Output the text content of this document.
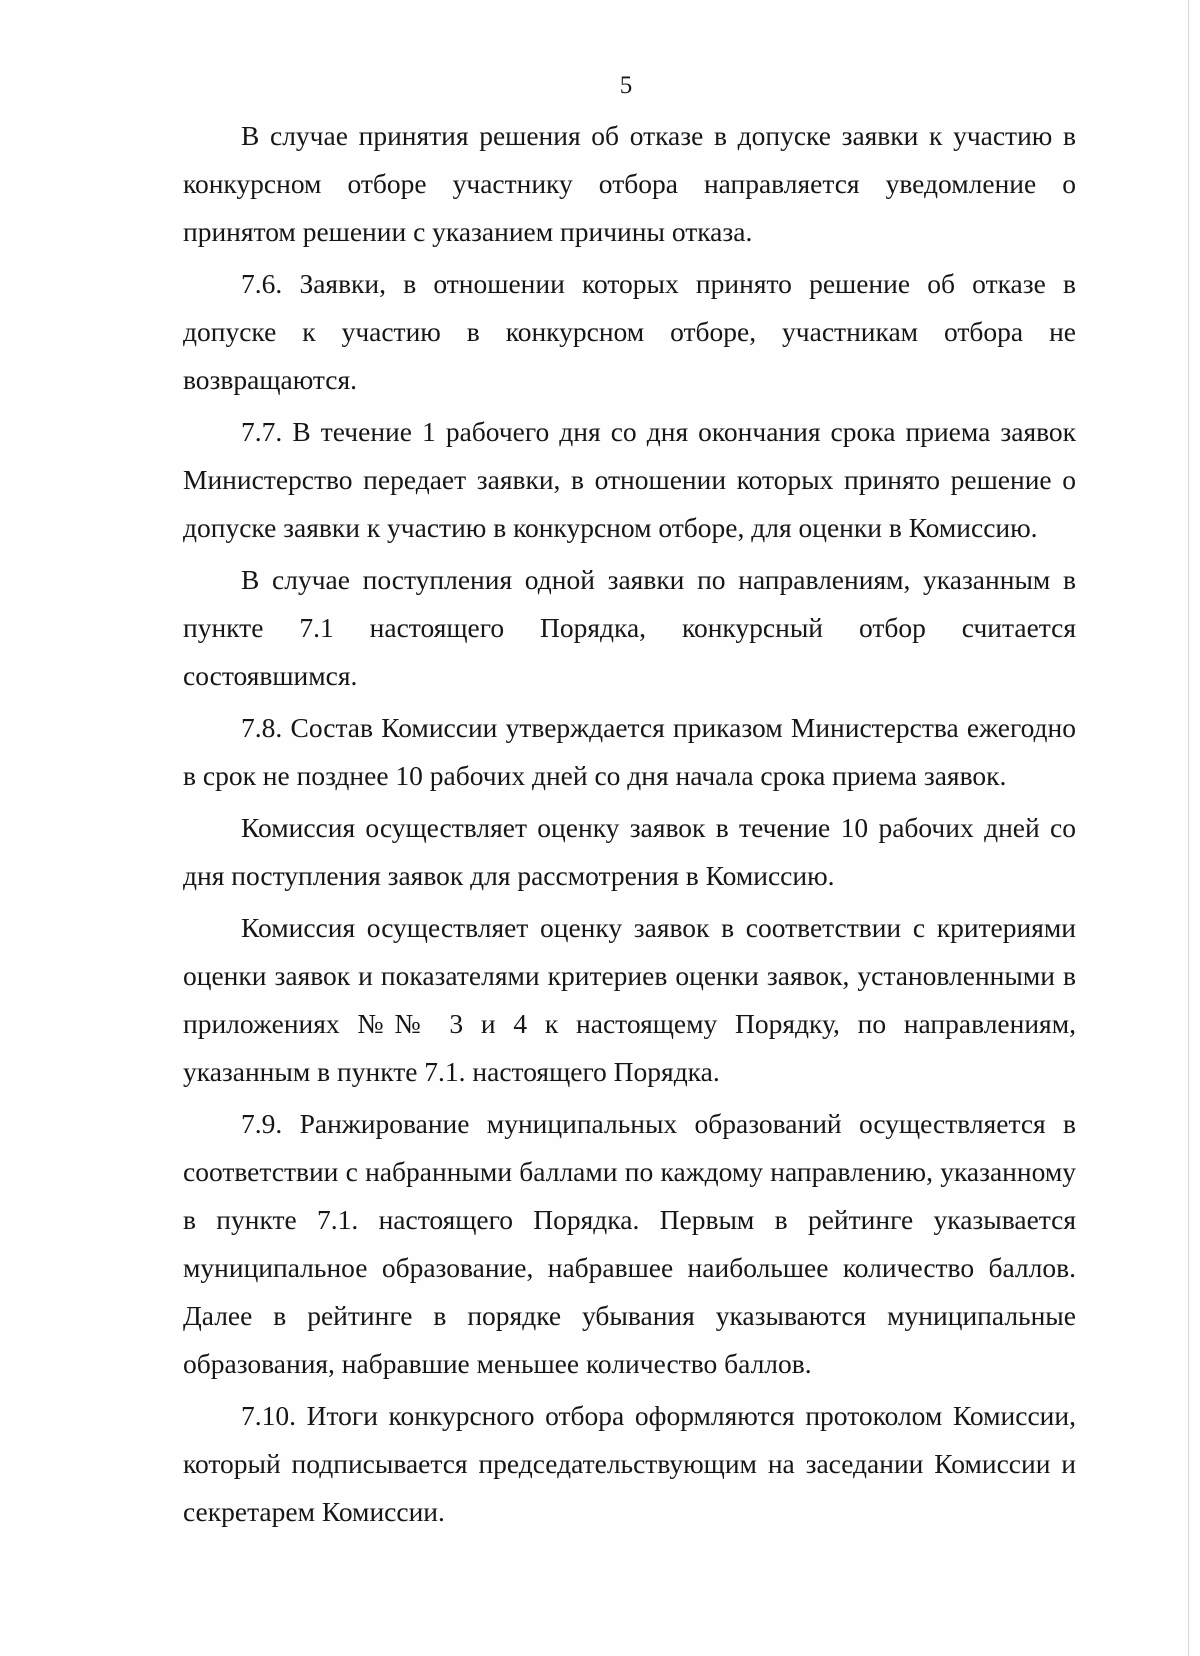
5

В случае принятия решения об отказе в допуске заявки к участию в конкурсном отборе участнику отбора направляется уведомление о принятом решении с указанием причины отказа.

7.6. Заявки, в отношении которых принято решение об отказе в допуске к участию в конкурсном отборе, участникам отбора не возвращаются.

7.7. В течение 1 рабочего дня со дня окончания срока приема заявок Министерство передает заявки, в отношении которых принято решение о допуске заявки к участию в конкурсном отборе, для оценки в Комиссию.

В случае поступления одной заявки по направлениям, указанным в пункте 7.1 настоящего Порядка, конкурсный отбор считается состоявшимся.

7.8. Состав Комиссии утверждается приказом Министерства ежегодно в срок не позднее 10 рабочих дней со дня начала срока приема заявок.

Комиссия осуществляет оценку заявок в течение 10 рабочих дней со дня поступления заявок для рассмотрения в Комиссию.

Комиссия осуществляет оценку заявок в соответствии с критериями оценки заявок и показателями критериев оценки заявок, установленными в приложениях №№ 3 и 4 к настоящему Порядку, по направлениям, указанным в пункте 7.1. настоящего Порядка.

7.9. Ранжирование муниципальных образований осуществляется в соответствии с набранными баллами по каждому направлению, указанному в пункте 7.1. настоящего Порядка. Первым в рейтинге указывается муниципальное образование, набравшее наибольшее количество баллов. Далее в рейтинге в порядке убывания указываются муниципальные образования, набравшие меньшее количество баллов.

7.10. Итоги конкурсного отбора оформляются протоколом Комиссии, который подписывается председательствующим на заседании Комиссии и секретарем Комиссии.
